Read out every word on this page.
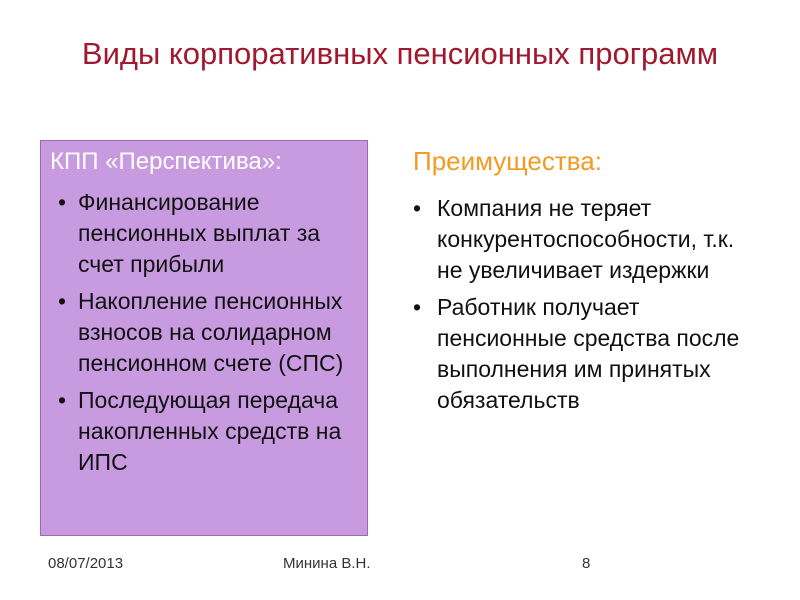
Виды корпоративных пенсионных программ
КПП «Перспектива»:
• Финансирование пенсионных выплат за счет прибыли
• Накопление пенсионных взносов на солидарном пенсионном счете (СПС)
• Последующая передача накопленных средств на ИПС
Преимущества:
• Компания не теряет конкурентоспособности, т.к. не увеличивает издержки
• Работник получает пенсионные средства после выполнения им принятых обязательств
08/07/2013	Минина В.Н.	8
